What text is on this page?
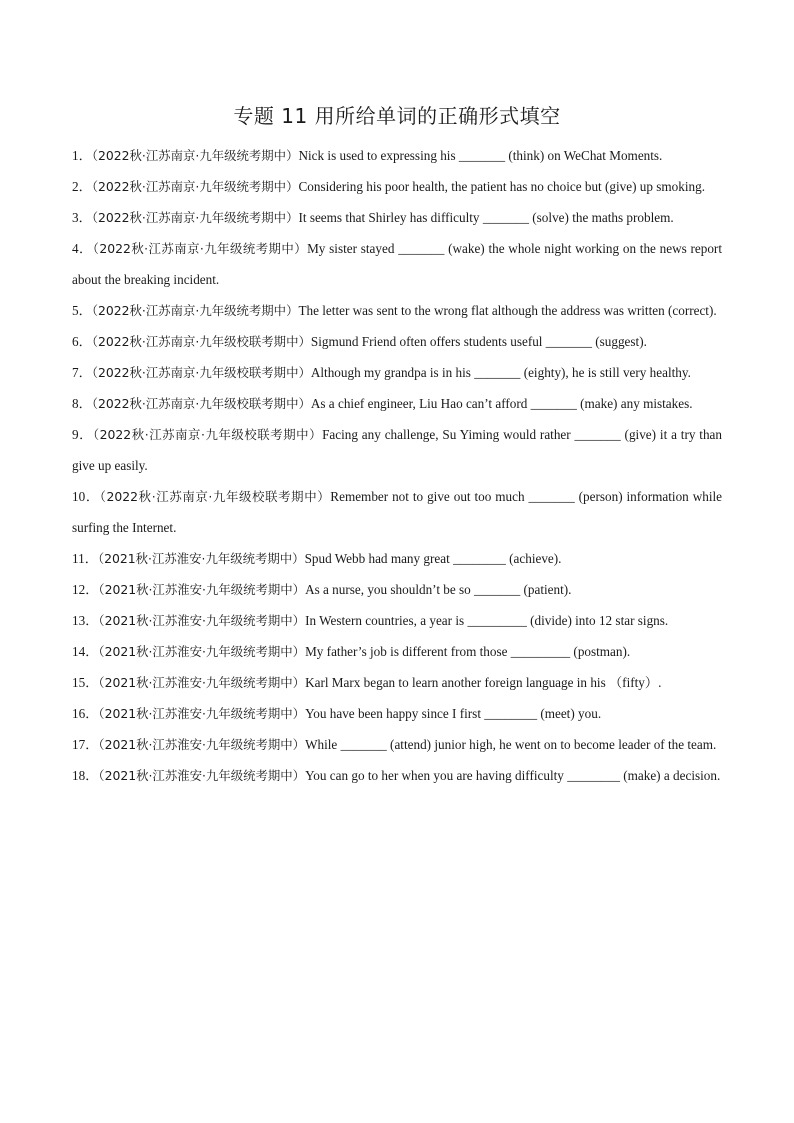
专题 11 用所给单词的正确形式填空
1．（2022秋·江苏南京·九年级统考期中）Nick is used to expressing his _______ (think) on WeChat Moments.
2．（2022秋·江苏南京·九年级统考期中）Considering his poor health, the patient has no choice but (give) up smoking.
3．（2022秋·江苏南京·九年级统考期中）It seems that Shirley has difficulty _______ (solve) the maths problem.
4．（2022秋·江苏南京·九年级统考期中）My sister stayed _______ (wake) the whole night working on the news report about the breaking incident.
5．（2022秋·江苏南京·九年级统考期中）The letter was sent to the wrong flat although the address was written (correct).
6．（2022秋·江苏南京·九年级校联考期中）Sigmund Friend often offers students useful _______ (suggest).
7．（2022秋·江苏南京·九年级校联考期中）Although my grandpa is in his _______ (eighty), he is still very healthy.
8．（2022秋·江苏南京·九年级校联考期中）As a chief engineer, Liu Hao can’t afford _______ (make) any mistakes.
9．（2022秋·江苏南京·九年级校联考期中）Facing any challenge, Su Yiming would rather _______ (give) it a try than give up easily.
10．（2022秋·江苏南京·九年级校联考期中）Remember not to give out too much _______ (person) information while surfing the Internet.
11．（2021秋·江苏淮安·九年级统考期中）Spud Webb had many great ________ (achieve).
12．（2021秋·江苏淮安·九年级统考期中）As a nurse, you shouldn’t be so _______ (patient).
13．（2021秋·江苏淮安·九年级统考期中）In Western countries, a year is _________ (divide) into 12 star signs.
14．（2021秋·江苏淮安·九年级统考期中）My father’s job is different from those _________ (postman).
15．（2021秋·江苏淮安·九年级统考期中）Karl Marx began to learn another foreign language in his （fifty）.
16．（2021秋·江苏淮安·九年级统考期中）You have been happy since I first ________ (meet) you.
17．（2021秋·江苏淮安·九年级统考期中）While _______ (attend) junior high, he went on to become leader of the team.
18．（2021秋·江苏淮安·九年级统考期中）You can go to her when you are having difficulty ________ (make) a decision.
